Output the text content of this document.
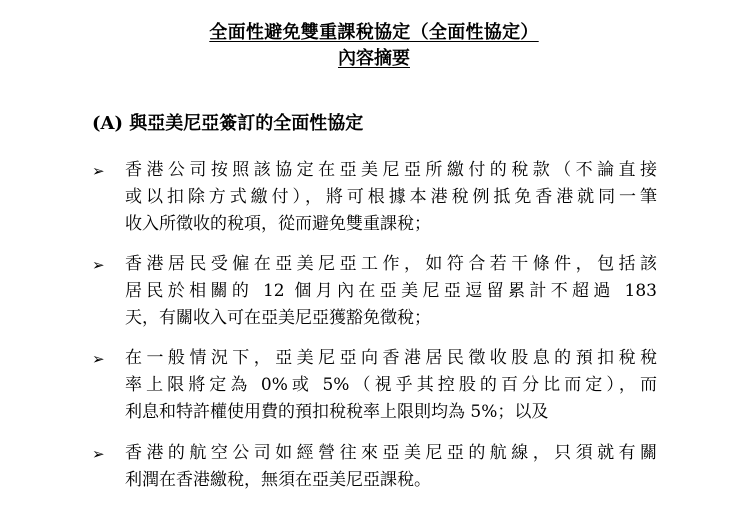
全面性避免雙重課稅協定（全面性協定）
內容摘要
(A) 與亞美尼亞簽訂的全面性協定
➢ 香港公司按照該協定在亞美尼亞所繳付的稅款（不論直接
或以扣除方式繳付），將可根據本港稅例抵免香港就同一筆
收入所徵收的稅項，從而避免雙重課稅；
➢ 香港居民受僱在亞美尼亞工作，如符合若干條件，包括該
居民於相關的 12 個月內在亞美尼亞逗留累計不超過 183
天，有關收入可在亞美尼亞獲豁免徵稅；
➢ 在一般情況下，亞美尼亞向香港居民徵收股息的預扣稅稅
率上限將定為 0%或 5%（視乎其控股的百分比而定），而
利息和特許權使用費的預扣稅稅率上限則均為 5%；以及
➢ 香港的航空公司如經營往來亞美尼亞的航線，只須就有關
利潤在香港繳稅，無須在亞美尼亞課稅。
